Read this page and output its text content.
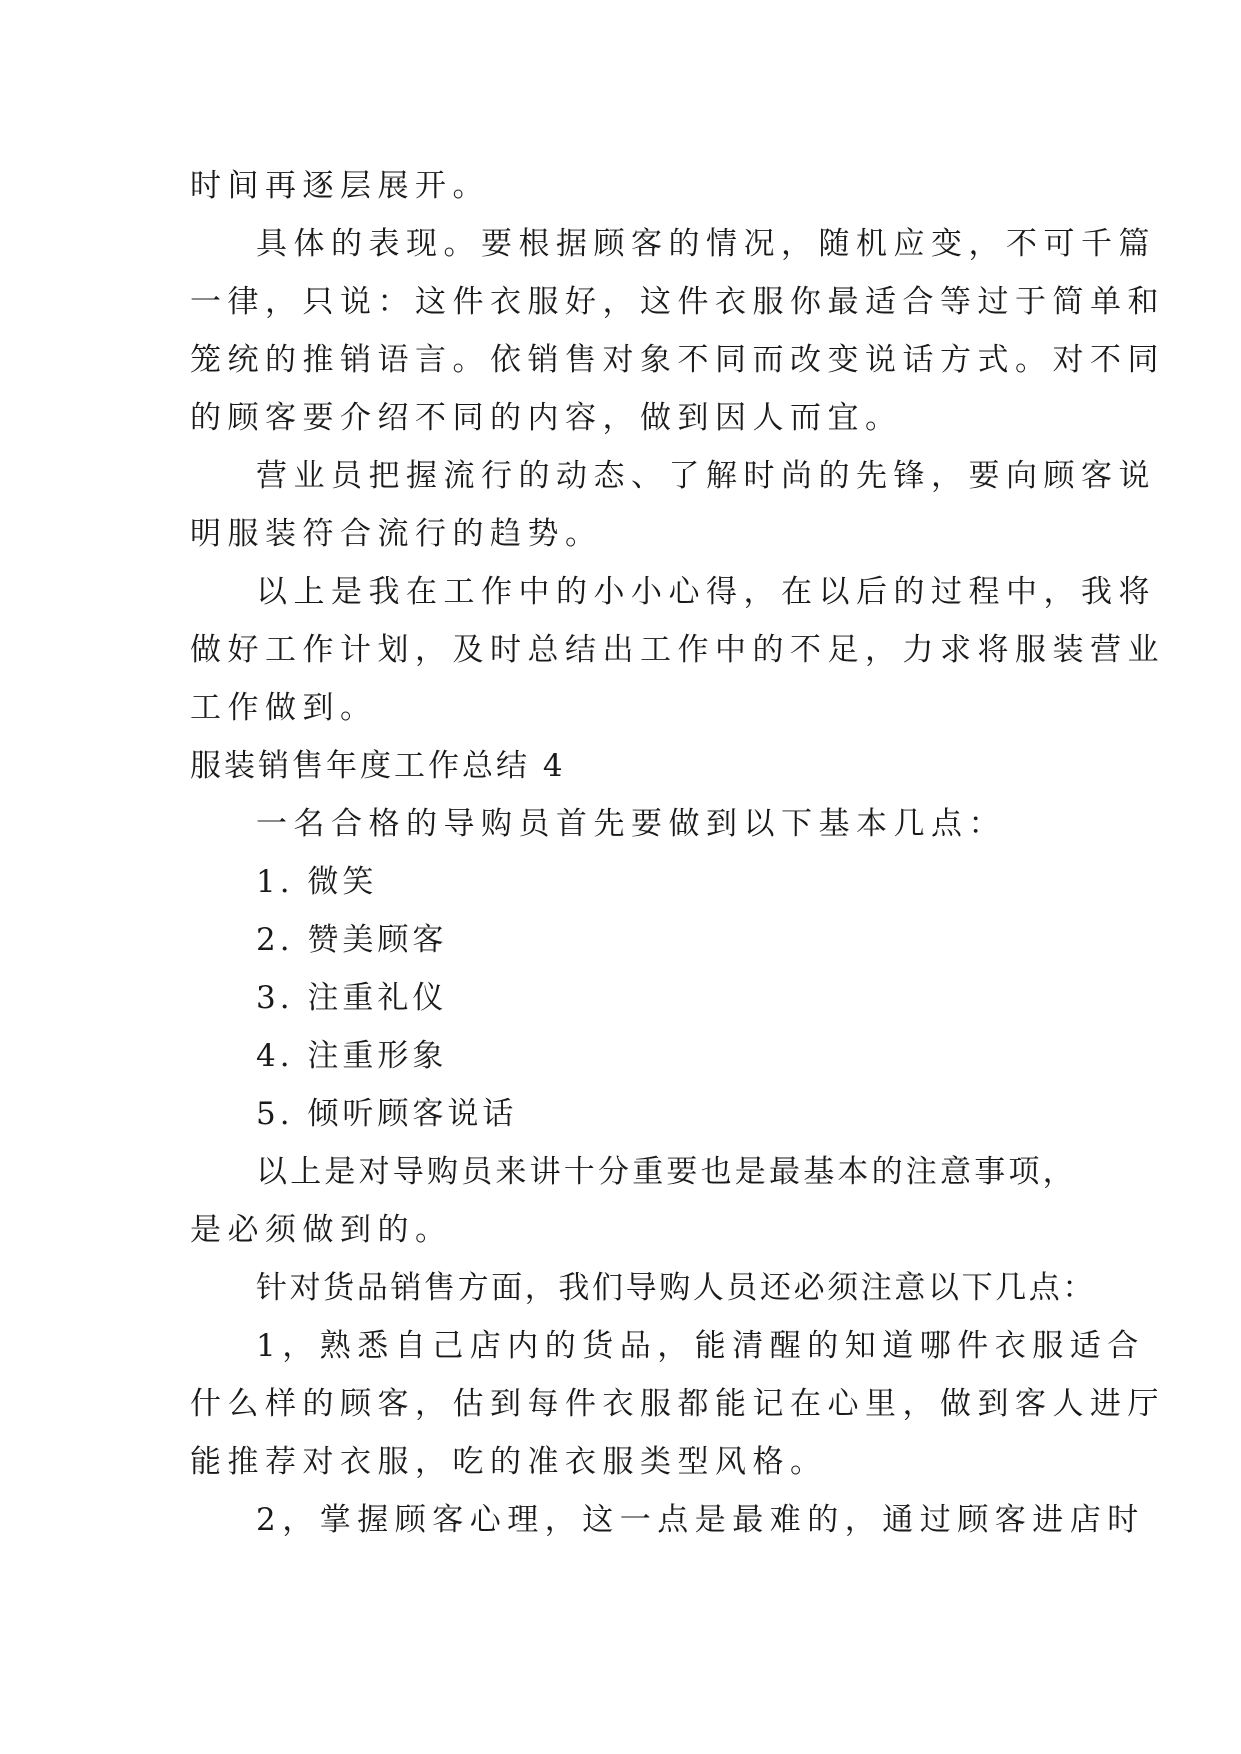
时间再逐层展开。
具体的表现。要根据顾客的情况，随机应变，不可千篇
一律，只说：这件衣服好，这件衣服你最适合等过于简单和
笼统的推销语言。依销售对象不同而改变说话方式。对不同
的顾客要介绍不同的内容，做到因人而宜。
营业员把握流行的动态、了解时尚的先锋，要向顾客说
明服装符合流行的趋势。
以上是我在工作中的小小心得，在以后的过程中，我将
做好工作计划，及时总结出工作中的不足，力求将服装营业
工作做到。
服装销售年度工作总结 4
一名合格的导购员首先要做到以下基本几点：
1. 微笑
2. 赞美顾客
3. 注重礼仪
4. 注重形象
5. 倾听顾客说话
以上是对导购员来讲十分重要也是最基本的注意事项，
是必须做到的。
针对货品销售方面，我们导购人员还必须注意以下几点：
1，熟悉自己店内的货品，能清醒的知道哪件衣服适合
什么样的顾客，估到每件衣服都能记在心里，做到客人进厅
能推荐对衣服，吃的准衣服类型风格。
2，掌握顾客心理，这一点是最难的，通过顾客进店时
